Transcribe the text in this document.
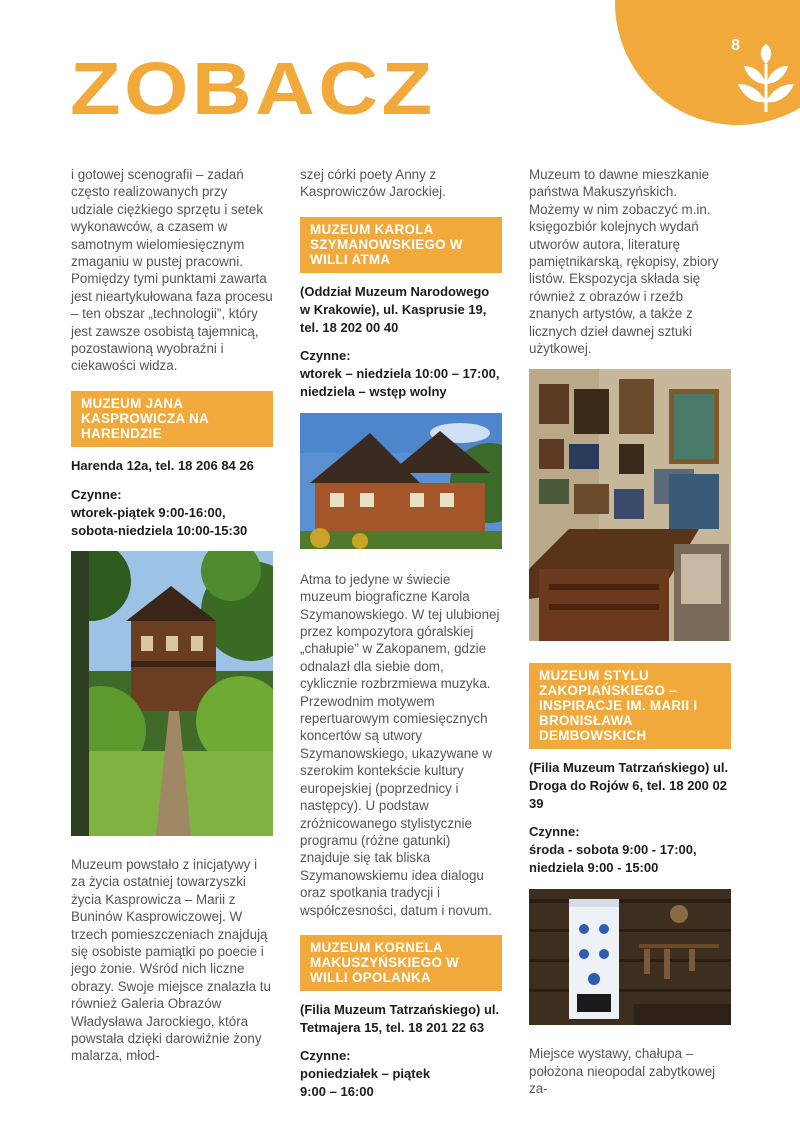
8
ZOBACZ

i gotowej scenografii – zadań często realizowanych przy udziale ciężkiego sprzętu i setek wykonawców, a czasem w samotnym wielomiesięcznym zmaganiu w pustej pracowni. Pomiędzy tymi punktami zawarta jest nieartykułowana faza procesu – ten obszar „technologii”, który jest zawsze osobistą tajemnicą, pozostawioną wyobraźni i ciekawości widza.

MUZEUM JANA KASPROWICZA NA HARENDZIE

Harenda 12a, tel. 18 206 84 26

Czynne:

wtorek-piątek 9:00-16:00,

sobota-niedziela 10:00-15:30

Muzeum powstało z inicjatywy i za życia ostatniej towarzyszki życia Kasprowicza – Marii z Buninów Kasprowiczowej. W trzech pomieszczeniach znajdują się osobiste pamiątki po poecie i jego żonie. Wśród nich liczne obrazy. Swoje miejsce znalazła tu również Galeria Obrazów Władysława Jarockiego, która powstała dzięki darowiźnie żony malarza, młod-

szej córki poety Anny z Kasprowiczów Jarockiej.

MUZEUM KAROLA SZYMANOWSKIEGO W WILLI ATMA

(Oddział Muzeum Narodowego w Krakowie), ul. Kasprusie 19, tel. 18 202 00 40

Czynne:

wtorek – niedziela 10:00 – 17:00, niedziela – wstęp wolny

Atma to jedyne w świecie muzeum biograficzne Karola Szymanowskiego. W tej ulubionej przez kompozytora góralskiej „chałupie” w Zakopanem, gdzie odnalazł dla siebie dom, cyklicznie rozbrzmiewa muzyka. Przewodnim motywem repertuarowym comiesięcznych koncertów są utwory Szymanowskiego, ukazywane w szerokim kontekście kultury europejskiej (poprzednicy i następcy). U podstaw zróżnicowanego stylistycznie programu (różne gatunki) znajduje się tak bliska Szymanowskiemu idea dialogu oraz spotkania tradycji i współczesności, datum i novum.

MUZEUM KORNELA MAKUSZYŃSKIEGO W WILLI OPOLANKA

(Filia Muzeum Tatrzańskiego) ul. Tetmajera 15, tel. 18 201 22 63

Czynne:

poniedziałek – piątek

9:00 – 16:00

Muzeum to dawne mieszkanie państwa Makuszyńskich. Możemy w nim zobaczyć m.in. księgozbiór kolejnych wydań utworów autora, literaturę pamiętnikarską, rękopisy, zbiory listów. Ekspozycja składa się również z obrazów i rzeźb znanych artystów, a także z licznych dzieł dawnej sztuki użytkowej.

MUZEUM STYLU ZAKOPIAŃSKIEGO – INSPIRACJE IM. MARII I BRONISŁAWA DEMBOWSKICH

(Filia Muzeum Tatrzańskiego) ul. Droga do Rojów 6, tel. 18 200 02 39

Czynne:

środa - sobota 9:00 - 17:00, niedziela 9:00 - 15:00

Miejsce wystawy, chałupa – położona nieopodal zabytkowej za-
